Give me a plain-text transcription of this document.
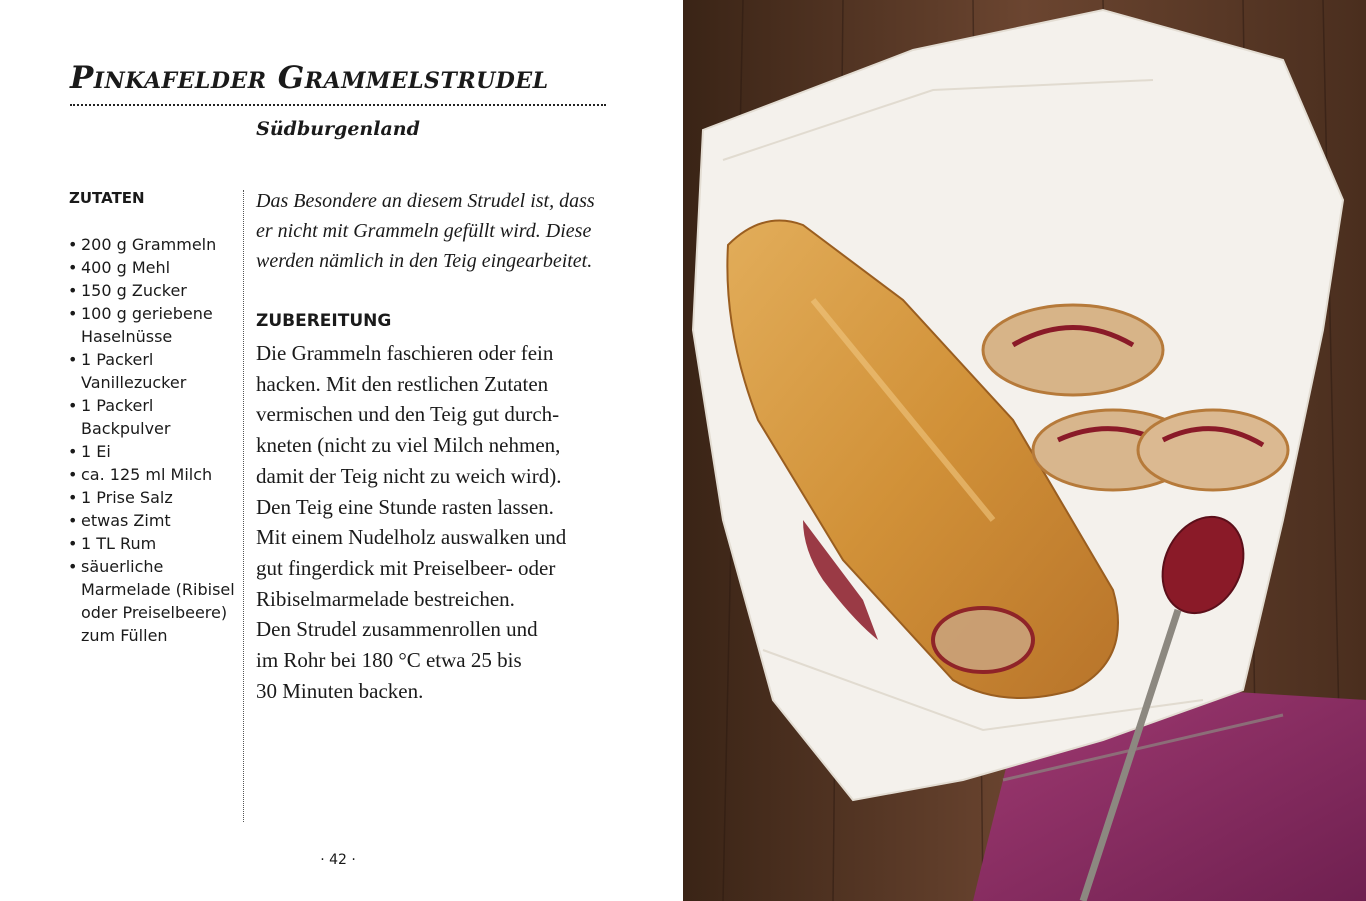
Pinkafelder Grammelstrudel
Südburgenland
ZUTATEN
• 200 g Grammeln
• 400 g Mehl
• 150 g Zucker
• 100 g geriebene Haselnüsse
• 1 Packerl Vanillezucker
• 1 Packerl Backpulver
• 1 Ei
• ca. 125 ml Milch
• 1 Prise Salz
• etwas Zimt
• 1 TL Rum
• säuerliche Marmelade (Ribisel oder Preiselbeere) zum Füllen

Das Besondere an diesem Strudel ist, dass er nicht mit Grammeln gefüllt wird. Diese werden nämlich in den Teig eingearbeitet.

ZUBEREITUNG

Die Grammeln faschieren oder fein
hacken. Mit den restlichen Zutaten
vermischen und den Teig gut durch-
kneten (nicht zu viel Milch nehmen,
damit der Teig nicht zu weich wird).
Den Teig eine Stunde rasten lassen.
Mit einem Nudelholz auswalken und
gut fingerdick mit Preiselbeer- oder
Ribiselmarmelade bestreichen.
Den Strudel zusammenrollen und
im Rohr bei 180 °C etwa 25 bis
30 Minuten backen.

· 42 ·
